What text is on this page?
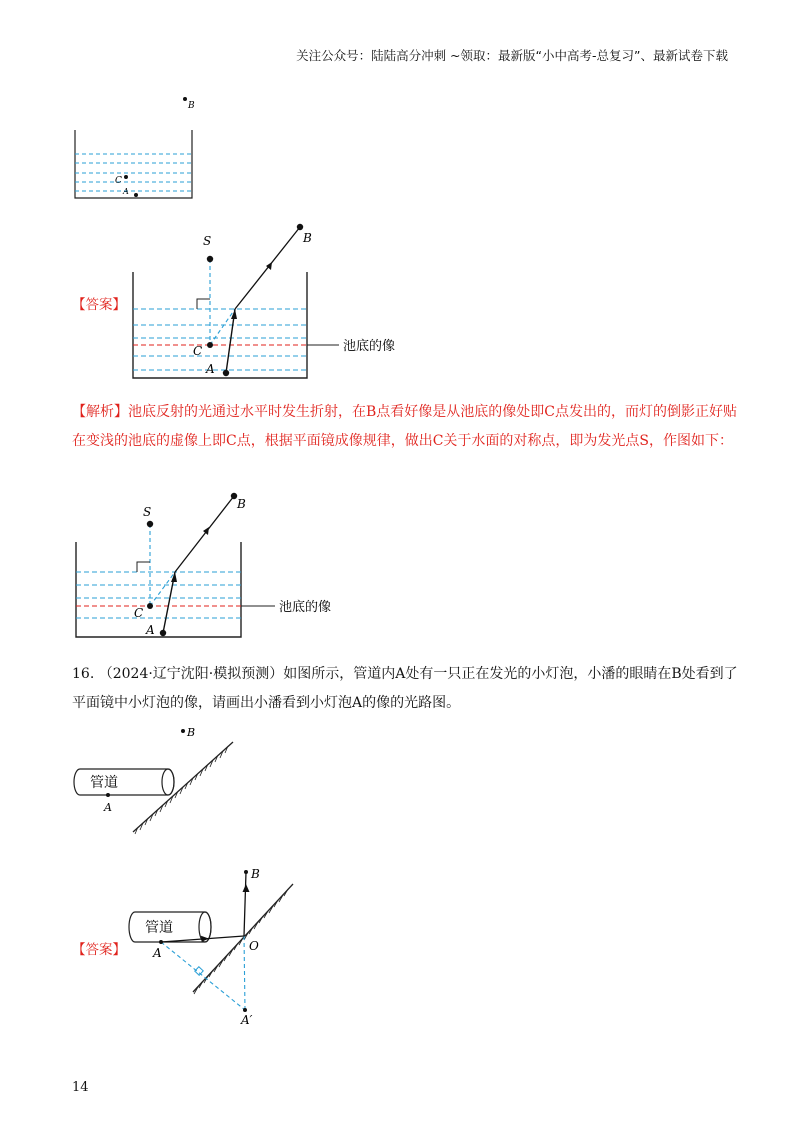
关注公众号：陆陆高分冲刺 ~领取：最新版“小中高考-总复习”、最新试卷下载
B
C
A
【答案】
S	B
C
A
池底的像
【解析】池底反射的光通过水平时发生折射，在B点看好像是从池底的像处即C点发出的，而灯的倒影正好贴在变浅的池底的虚像上即C点，根据平面镜成像规律，做出C关于水面的对称点，即为发光点S，作图如下：
S
B
C
A
池底的像
16. （2024·辽宁沈阳·模拟预测）如图所示，管道内A处有一只正在发光的小灯泡，小潘的眼睛在B处看到了平面镜中小灯泡的像，请画出小潘看到小灯泡A的像的光路图。
管道
A
B
【答案】
管道
A
B
O
A′
14
